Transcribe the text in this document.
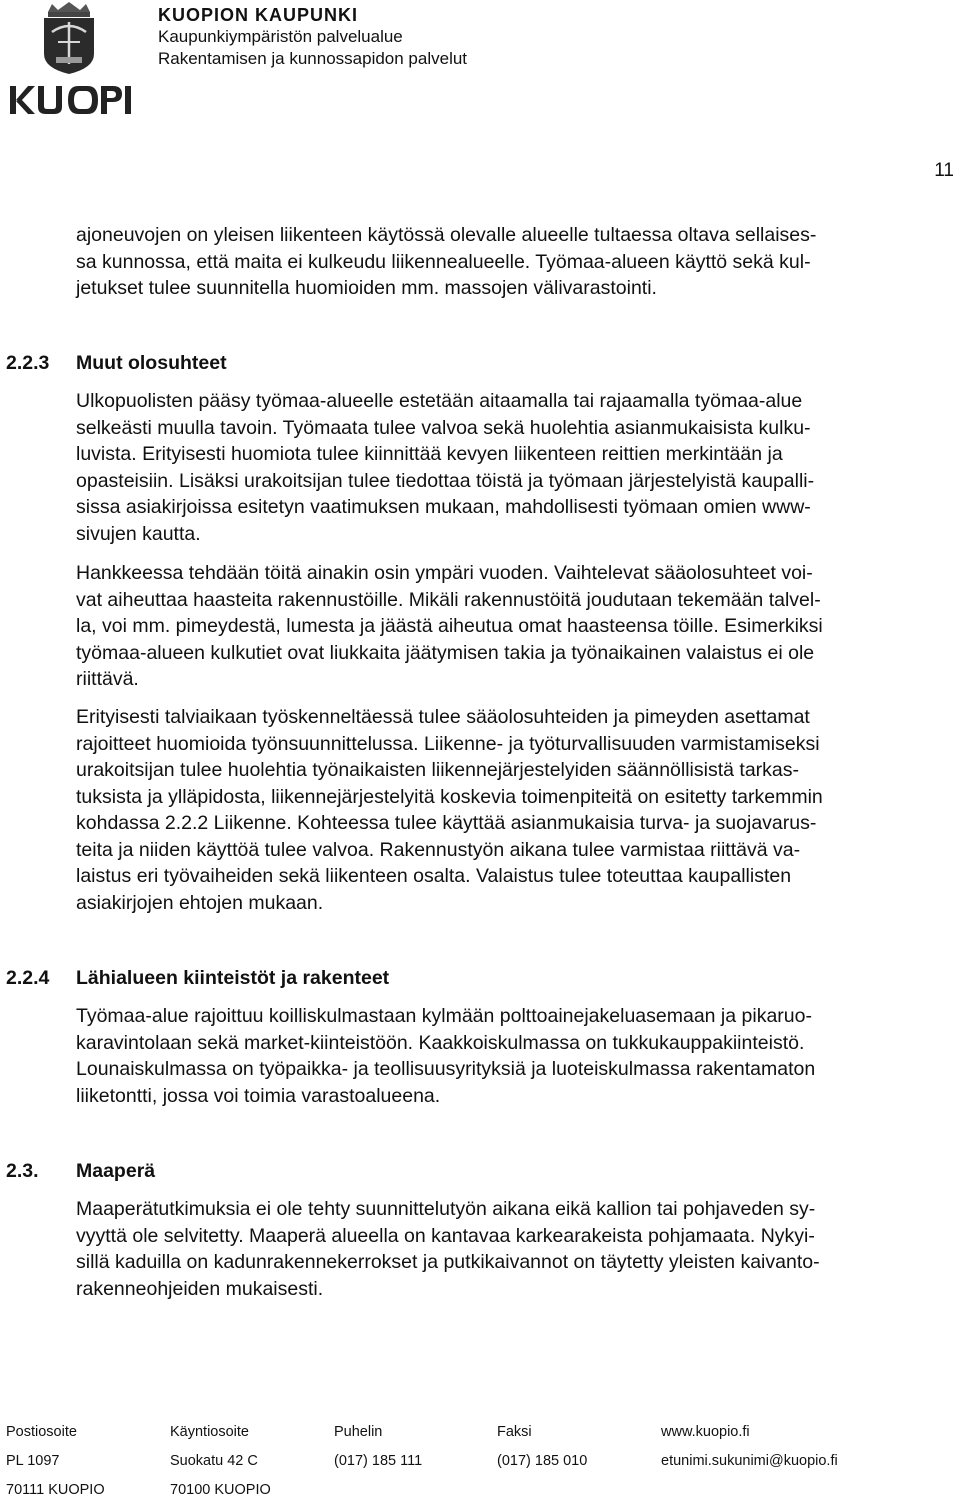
KUOPION KAUPUNKI
Kaupunkiympäristön palvelualue
Rakentamisen ja kunnossapidon palvelut
11

ajoneuvojen on yleisen liikenteen käytössä olevalle alueelle tultaessa oltava sellaises-
sa kunnossa, että maita ei kulkeudu liikennealueelle. Työmaa-alueen käyttö sekä kul-
jetukset tulee suunnitella huomioiden mm. massojen välivarastointi.

2.2.3 Muut olosuhteet

Ulkopuolisten pääsy työmaa-alueelle estetään aitaamalla tai rajaamalla työmaa-alue
selkeästi muulla tavoin. Työmaata tulee valvoa sekä huolehtia asianmukaisista kulku-
luvista. Erityisesti huomiota tulee kiinnittää kevyen liikenteen reittien merkintään ja
opasteisiin. Lisäksi urakoitsijan tulee tiedottaa töistä ja työmaan järjestelyistä kaupalli-
sissa asiakirjoissa esitetyn vaatimuksen mukaan, mahdollisesti työmaan omien www-
sivujen kautta.

Hankkeessa tehdään töitä ainakin osin ympäri vuoden. Vaihtelevat sääolosuhteet voi-
vat aiheuttaa haasteita rakennustöille. Mikäli rakennustöitä joudutaan tekemään talvel-
la, voi mm. pimeydestä, lumesta ja jäästä aiheutua omat haasteensa töille. Esimerkiksi
työmaa-alueen kulkutiet ovat liukkaita jäätymisen takia ja työnaikainen valaistus ei ole
riittävä.

Erityisesti talviaikaan työskenneltäessä tulee sääolosuhteiden ja pimeyden asettamat
rajoitteet huomioida työnsuunnittelussa. Liikenne- ja työturvallisuuden varmistamiseksi
urakoitsijan tulee huolehtia työnaikaisten liikennejärjestelyiden säännöllisistä tarkas-
tuksista ja ylläpidosta, liikennejärjestelyitä koskevia toimenpiteitä on esitetty tarkemmin
kohdassa 2.2.2 Liikenne. Kohteessa tulee käyttää asianmukaisia turva- ja suojavarus-
teita ja niiden käyttöä tulee valvoa. Rakennustyön aikana tulee varmistaa riittävä va-
laistus eri työvaiheiden sekä liikenteen osalta. Valaistus tulee toteuttaa kaupallisten
asiakirjojen ehtojen mukaan.

2.2.4 Lähialueen kiinteistöt ja rakenteet

Työmaa-alue rajoittuu koilliskulmastaan kylmään polttoainejakeluasemaan ja pikaruo-
karavintolaan sekä market-kiinteistöön. Kaakkoiskulmassa on tukkukauppakiinteistö.
Lounaiskulmassa on työpaikka- ja teollisuusyrityksiä ja luoteiskulmassa rakentamaton
liiketontti, jossa voi toimia varastoalueena.

2.3. Maaperä

Maaperätutkimuksia ei ole tehty suunnittelutyön aikana eikä kallion tai pohjaveden sy-
vyyttä ole selvitetty. Maaperä alueella on kantavaa karkearakeista pohjamaata. Nykyi-
sillä kaduilla on kadunrakennekerrokset ja putkikaivannot on täytetty yleisten kaivanto-
rakenneohjeiden mukaisesti.

Postiosoite
PL 1097
70111 KUOPIO
Käyntiosoite
Suokatu 42 C
70100 KUOPIO
Puhelin
(017) 185 111
Faksi
(017) 185 010
www.kuopio.fi
etunimi.sukunimi@kuopio.fi
